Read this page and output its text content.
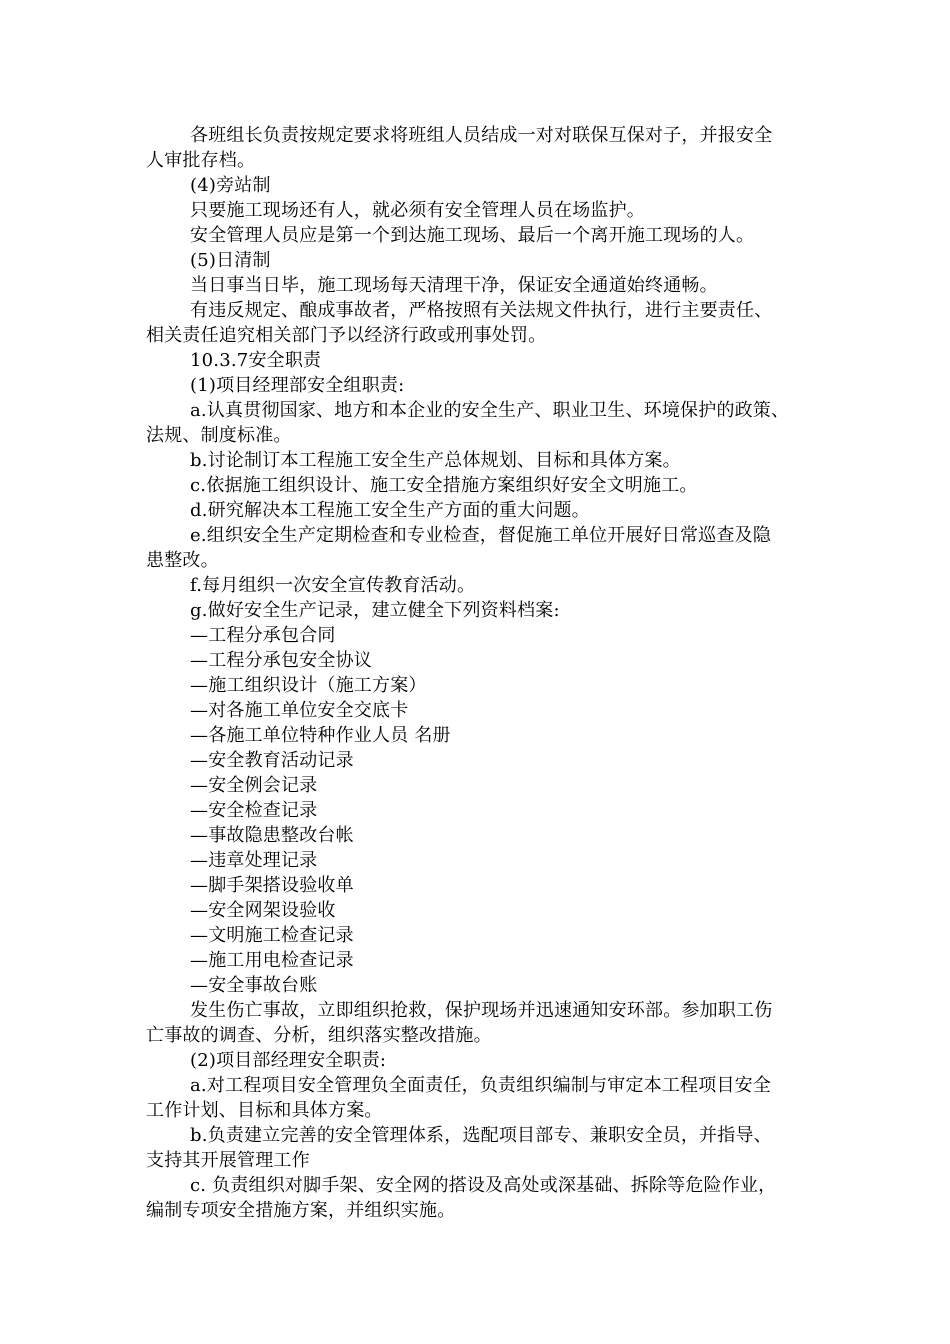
各班组长负责按规定要求将班组人员结成一对对联保互保对子，并报安全
人审批存档。
(4)旁站制
只要施工现场还有人，就必须有安全管理人员在场监护。
安全管理人员应是第一个到达施工现场、最后一个离开施工现场的人。
(5)日清制
当日事当日毕，施工现场每天清理干净，保证安全通道始终通畅。
有违反规定、酿成事故者，严格按照有关法规文件执行，进行主要责任、
相关责任追究相关部门予以经济行政或刑事处罚。
10.3.7安全职责
(1)项目经理部安全组职责:
a.认真贯彻国家、地方和本企业的安全生产、职业卫生、环境保护的政策、
法规、制度标准。
b.讨论制订本工程施工安全生产总体规划、目标和具体方案。
c.依据施工组织设计、施工安全措施方案组织好安全文明施工。
d.研究解决本工程施工安全生产方面的重大问题。
e.组织安全生产定期检查和专业检查，督促施工单位开展好日常巡查及隐
患整改。
f.每月组织一次安全宣传教育活动。
g.做好安全生产记录，建立健全下列资料档案:
—工程分承包合同
—工程分承包安全协议
—施工组织设计（施工方案）
—对各施工单位安全交底卡
—各施工单位特种作业人员 名册
—安全教育活动记录
—安全例会记录
—安全检查记录
—事故隐患整改台帐
—违章处理记录
—脚手架搭设验收单
—安全网架设验收
—文明施工检查记录
—施工用电检查记录
—安全事故台账
发生伤亡事故，立即组织抢救，保护现场并迅速通知安环部。参加职工伤
亡事故的调查、分析，组织落实整改措施。
(2)项目部经理安全职责:
a.对工程项目安全管理负全面责任，负责组织编制与审定本工程项目安全
工作计划、目标和具体方案。
b.负责建立完善的安全管理体系，选配项目部专、兼职安全员，并指导、
支持其开展管理工作
c. 负责组织对脚手架、安全网的搭设及高处或深基础、拆除等危险作业，
编制专项安全措施方案，并组织实施。
